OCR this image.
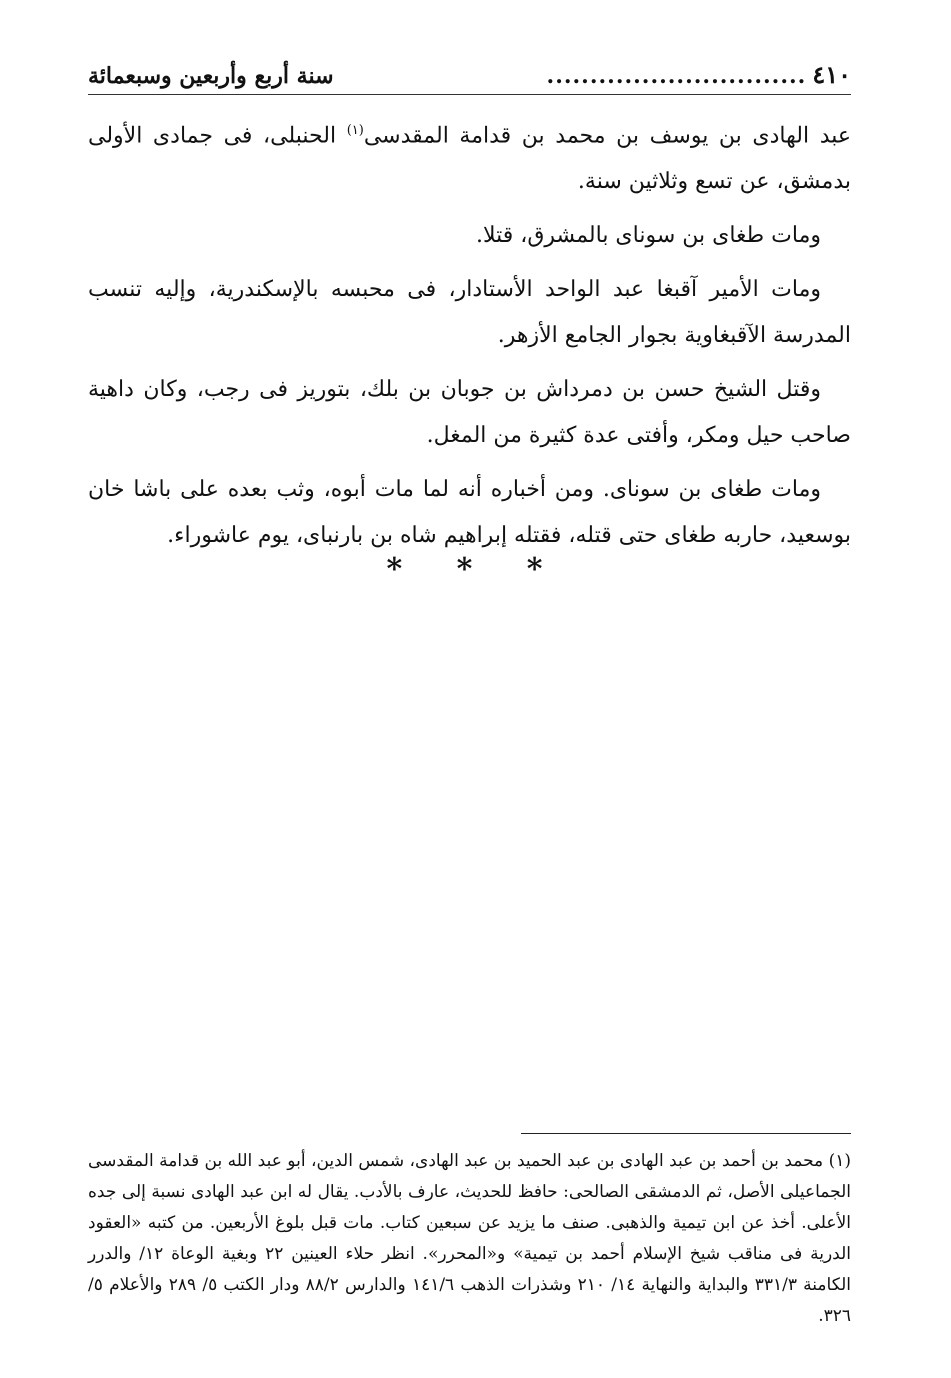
٤١٠
..............................
سنة أربع وأربعين وسبعمائة

عبد الهادى بن يوسف بن محمد بن قدامة المقدسى$^{(١)}$ الحنبلى، فى جمادى الأولى بدمشق، عن تسع وثلاثين سنة.

ومات طغاى بن سوناى بالمشرق، قتلا.

ومات الأمير آقبغا عبد الواحد الأستادار، فى محبسه بالإسكندرية، وإليه تنسب المدرسة الآقبغاوية بجوار الجامع الأزهر.

وقتل الشيخ حسن بن دمرداش بن جوبان بن بلك، بتوريز فى رجب، وكان داهية صاحب حيل ومكر، وأفتى عدة كثيرة من المغل.

ومات طغاى بن سوناى. ومن أخباره أنه لما مات أبوه، وثب بعده على باشا خان بوسعيد، حاربه طغاى حتى قتله، فقتله إبراهيم شاه بن بارنباى، يوم عاشوراء.

* * *

(١) محمد بن أحمد بن عبد الهادى بن عبد الحميد بن عبد الهادى، شمس الدين، أبو عبد الله بن قدامة المقدسى الجماعيلى الأصل، ثم الدمشقى الصالحى: حافظ للحديث، عارف بالأدب. يقال له ابن عبد الهادى نسبة إلى جده الأعلى. أخذ عن ابن تيمية والذهبى. صنف ما يزيد عن سبعين كتاب. مات قبل بلوغ الأربعين. من كتبه «العقود الدرية فى مناقب شيخ الإسلام أحمد بن تيمية» و«المحرر». انظر حلاء العينين ٢٢ وبغية الوعاة ١٢/ والدرر الكامنة ٣٣١/٣ والبداية والنهاية ١٤/ ٢١٠ وشذرات الذهب ١٤١/٦ والدارس ٨٨/٢ ودار الكتب ٥/ ٢٨٩ والأعلام ٥/ ٣٢٦.
